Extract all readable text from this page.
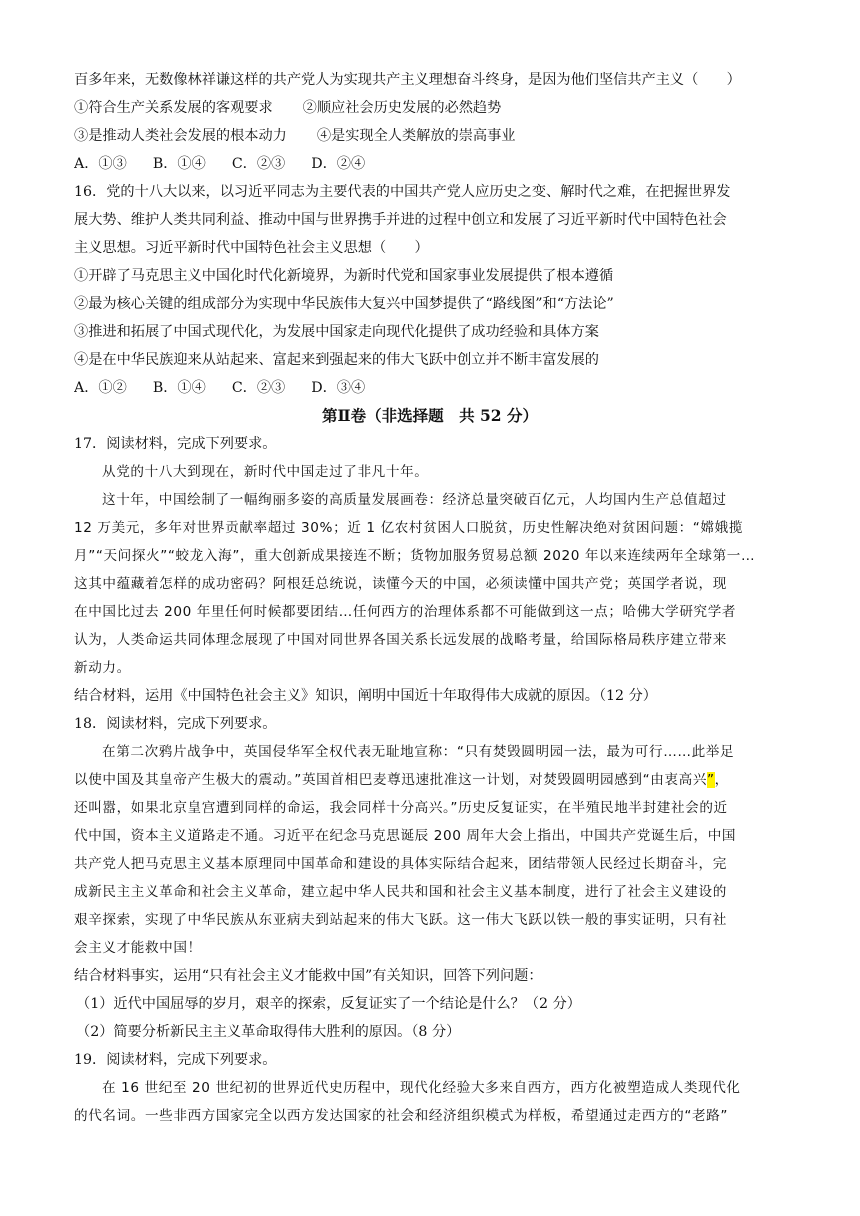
百多年来，无数像林祥谦这样的共产党人为实现共产主义理想奋斗终身，是因为他们坚信共产主义（　　）
①符合生产关系发展的客观要求 ②顺应社会历史发展的必然趋势
③是推动人类社会发展的根本动力 ④是实现全人类解放的崇高事业
A．①③ B．①④ C．②③ D．②④
16．党的十八大以来，以习近平同志为主要代表的中国共产党人应历史之变、解时代之难，在把握世界发
展大势、维护人类共同利益、推动中国与世界携手并进的过程中创立和发展了习近平新时代中国特色社会
主义思想。习近平新时代中国特色社会主义思想（　　）
①开辟了马克思主义中国化时代化新境界，为新时代党和国家事业发展提供了根本遵循
②最为核心关键的组成部分为实现中华民族伟大复兴中国梦提供了“路线图”和“方法论”
③推进和拓展了中国式现代化，为发展中国家走向现代化提供了成功经验和具体方案
④是在中华民族迎来从站起来、富起来到强起来的伟大飞跃中创立并不断丰富发展的
A．①② B．①④ C．②③ D．③④
第Ⅱ卷（非选择题　共 52 分）
17．阅读材料，完成下列要求。
从党的十八大到现在，新时代中国走过了非凡十年。
这十年，中国绘制了一幅绚丽多姿的高质量发展画卷：经济总量突破百亿元，人均国内生产总值超过
12 万美元，多年对世界贡献率超过 30%；近 1 亿农村贫困人口脱贫，历史性解决绝对贫困问题：“嫦娥揽
月”“天问探火”“蛟龙入海”，重大创新成果接连不断；货物加服务贸易总额 2020 年以来连续两年全球第一…
这其中蕴藏着怎样的成功密码？阿根廷总统说，读懂今天的中国，必须读懂中国共产党；英国学者说，现
在中国比过去 200 年里任何时候都要团结…任何西方的治理体系都不可能做到这一点；哈佛大学研究学者
认为，人类命运共同体理念展现了中国对同世界各国关系长远发展的战略考量，给国际格局秩序建立带来
新动力。
结合材料，运用《中国特色社会主义》知识，阐明中国近十年取得伟大成就的原因。（12 分）
18．阅读材料，完成下列要求。
在第二次鸦片战争中，英国侵华军全权代表无耻地宣称：“只有焚毁圆明园一法，最为可行……此举足
以使中国及其皇帝产生极大的震动。”英国首相巴麦尊迅速批准这一计划，对焚毁圆明园感到“由衷高兴”，
还叫嚣，如果北京皇宫遭到同样的命运，我会同样十分高兴。”历史反复证实，在半殖民地半封建社会的近
代中国，资本主义道路走不通。习近平在纪念马克思诞辰 200 周年大会上指出，中国共产党诞生后，中国
共产党人把马克思主义基本原理同中国革命和建设的具体实际结合起来，团结带领人民经过长期奋斗，完
成新民主主义革命和社会主义革命，建立起中华人民共和国和社会主义基本制度，进行了社会主义建设的
艰辛探索，实现了中华民族从东亚病夫到站起来的伟大飞跃。这一伟大飞跃以铁一般的事实证明，只有社
会主义才能救中国！
结合材料事实，运用“只有社会主义才能救中国”有关知识，回答下列问题：
（1）近代中国屈辱的岁月，艰辛的探索，反复证实了一个结论是什么？（2 分）
（2）简要分析新民主主义革命取得伟大胜利的原因。（8 分）
19．阅读材料，完成下列要求。
在 16 世纪至 20 世纪初的世界近代史历程中，现代化经验大多来自西方，西方化被塑造成人类现代化
的代名词。一些非西方国家完全以西方发达国家的社会和经济组织模式为样板，希望通过走西方的“老路”
